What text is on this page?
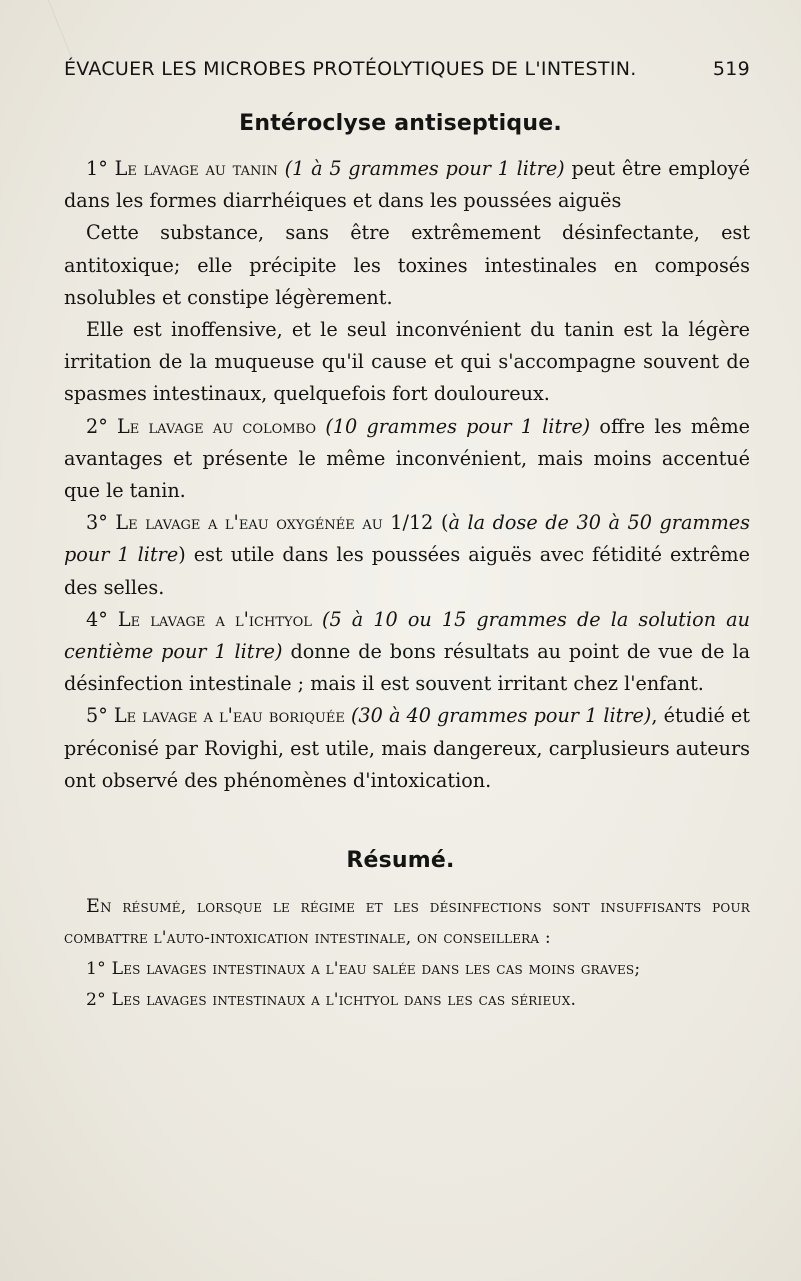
ÉVACUER LES MICROBES PROTÉOLYTIQUES DE L'INTESTIN.	519
Entéroclyse antiseptique.

1° Le lavage au tanin (1 à 5 grammes pour 1 litre) peut être employé dans les formes diarrhéiques et dans les poussées aiguës

Cette substance, sans être extrêmement désinfectante, est antitoxique; elle précipite les toxines intestinales en composés nsolubles et constipe légèrement.

Elle est inoffensive, et le seul inconvénient du tanin est la légère irritation de la muqueuse qu'il cause et qui s'accompagne souvent de spasmes intestinaux, quelquefois fort douloureux.

2° Le lavage au colombo (10 grammes pour 1 litre) offre les même avantages et présente le même inconvénient, mais moins accentué que le tanin.

3° Le lavage a l'eau oxygénée au 1/12 (à la dose de 30 à 50 grammes pour 1 litre) est utile dans les poussées aiguës avec fétidité extrême des selles.

4° Le lavage a l'ichtyol (5 à 10 ou 15 grammes de la solution au centième pour 1 litre) donne de bons résultats au point de vue de la désinfection intestinale ; mais il est souvent irritant chez l'enfant.

5° Le lavage a l'eau boriquée (30 à 40 grammes pour 1 litre), étudié et préconisé par Rovighi, est utile, mais dangereux, carplusieurs auteurs ont observé des phénomènes d'intoxication.

Résumé.

En résumé, lorsque le régime et les désinfections sont insuffisants pour combattre l'auto-intoxication intestinale, on conseillera :

1° Les lavages intestinaux a l'eau salée dans les cas moins graves;

2° Les lavages intestinaux a l'ichtyol dans les cas sérieux.
